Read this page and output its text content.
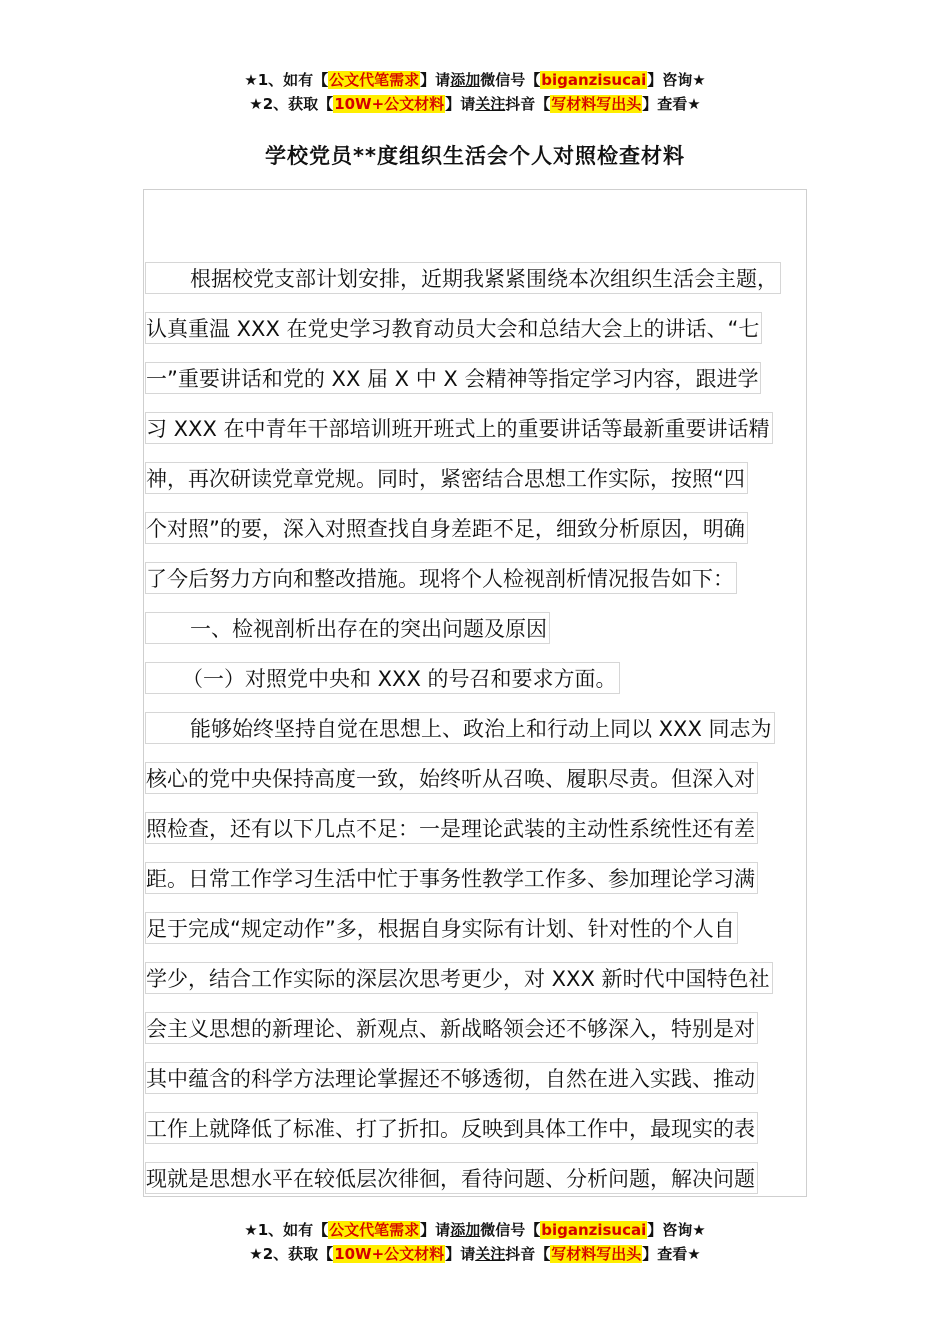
★1、如有【公文代笔需求】请添加微信号【biganzisucai】咨询★
★2、获取【10W+公文材料】请关注抖音【写材料写出头】查看★
学校党员**度组织生活会个人对照检查材料
根据校党支部计划安排，近期我紧紧围绕本次组织生活会主题，
认真重温 XXX 在党史学习教育动员大会和总结大会上的讲话、“七
一”重要讲话和党的 XX 届 X 中 X 会精神等指定学习内容，跟进学
习 XXX 在中青年干部培训班开班式上的重要讲话等最新重要讲话精
神，再次研读党章党规。同时，紧密结合思想工作实际，按照“四
个对照”的要，深入对照查找自身差距不足，细致分析原因，明确
了今后努力方向和整改措施。现将个人检视剖析情况报告如下：
一、检视剖析出存在的突出问题及原因
（一）对照党中央和 XXX 的号召和要求方面。
能够始终坚持自觉在思想上、政治上和行动上同以 XXX 同志为
核心的党中央保持高度一致，始终听从召唤、履职尽责。但深入对
照检查，还有以下几点不足：一是理论武装的主动性系统性还有差
距。日常工作学习生活中忙于事务性教学工作多、参加理论学习满
足于完成“规定动作”多，根据自身实际有计划、针对性的个人自
学少，结合工作实际的深层次思考更少，对 XXX 新时代中国特色社
会主义思想的新理论、新观点、新战略领会还不够深入，特别是对
其中蕴含的科学方法理论掌握还不够透彻，自然在进入实践、推动
工作上就降低了标准、打了折扣。反映到具体工作中，最现实的表
现就是思想水平在较低层次徘徊，看待问题、分析问题，解决问题
★1、如有【公文代笔需求】请添加微信号【biganzisucai】咨询★
★2、获取【10W+公文材料】请关注抖音【写材料写出头】查看★
